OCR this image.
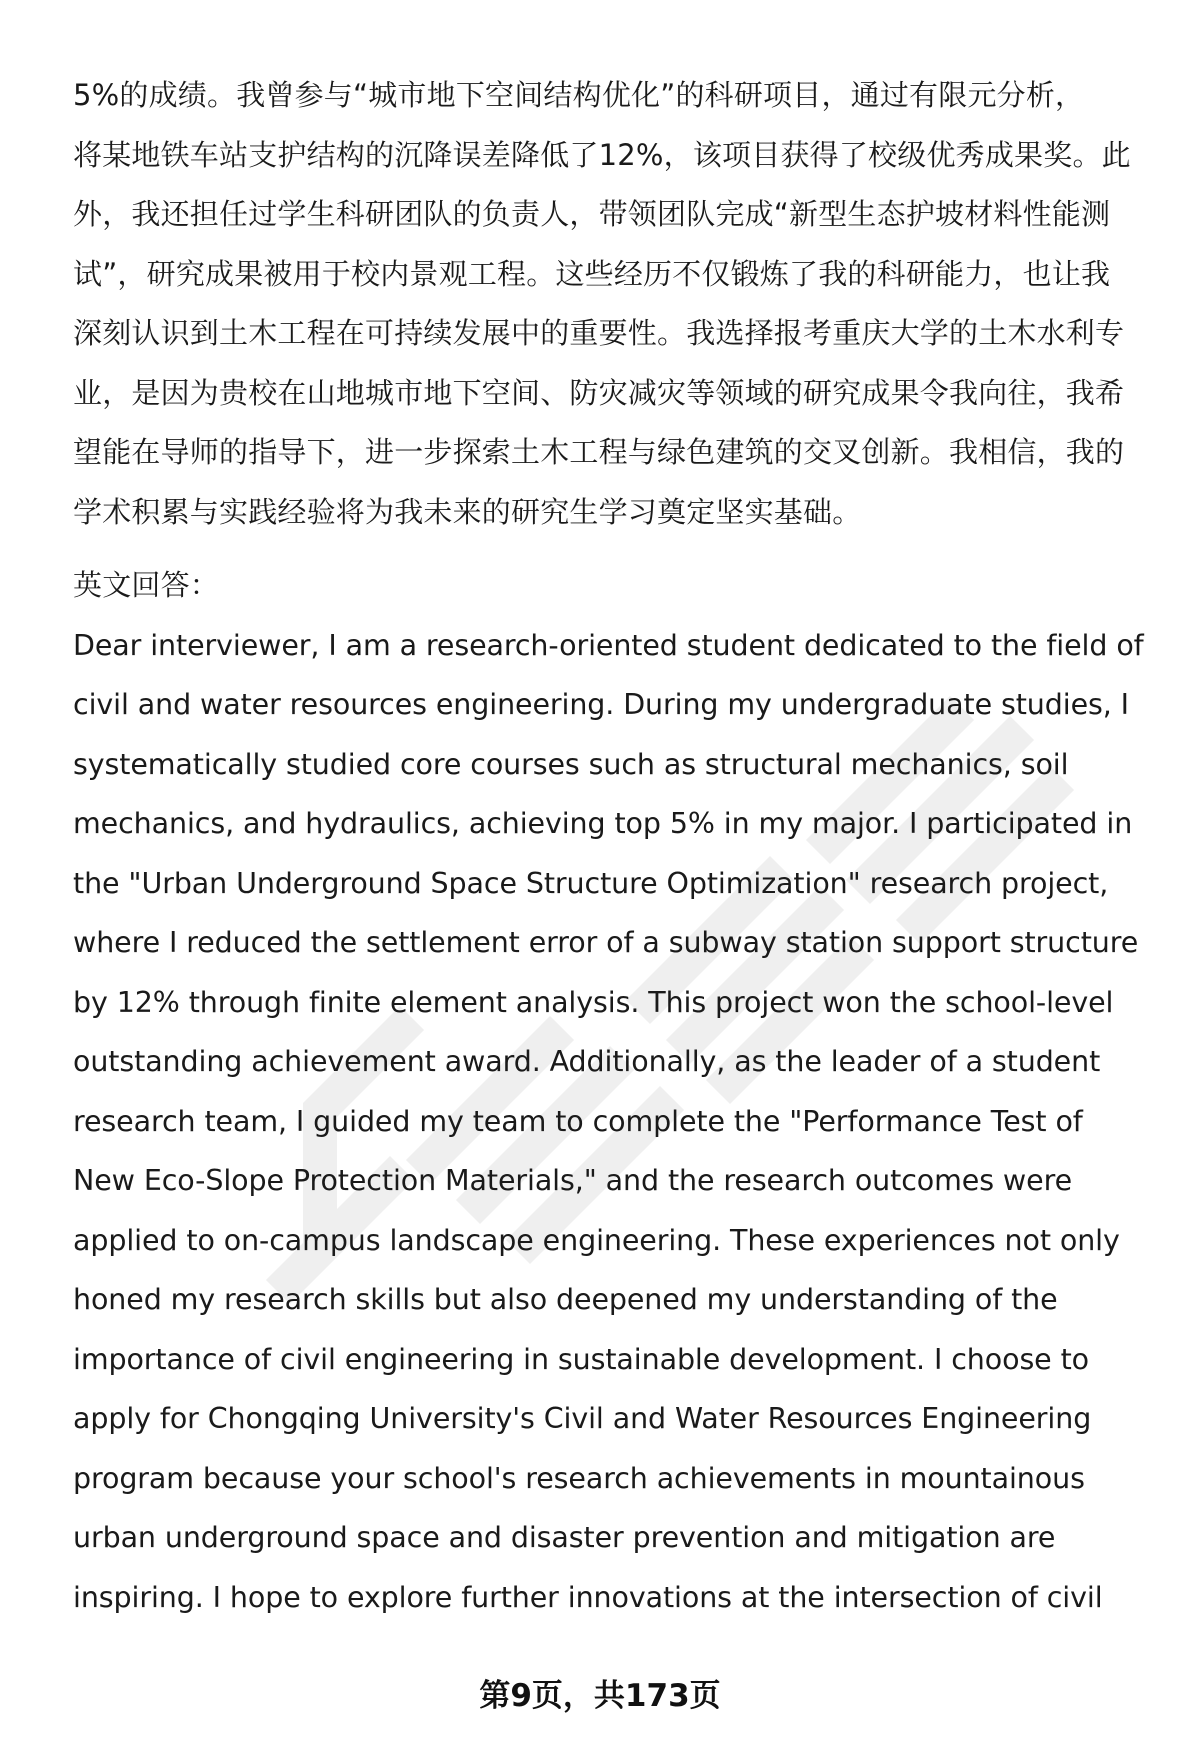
5%的成绩。我曾参与“城市地下空间结构优化”的科研项目，通过有限元分析，
将某地铁车站支护结构的沉降误差降低了12%，该项目获得了校级优秀成果奖。此
外，我还担任过学生科研团队的负责人，带领团队完成“新型生态护坡材料性能测
试”，研究成果被用于校内景观工程。这些经历不仅锻炼了我的科研能力，也让我
深刻认识到土木工程在可持续发展中的重要性。我选择报考重庆大学的土木水利专
业，是因为贵校在山地城市地下空间、防灾减灾等领域的研究成果令我向往，我希
望能在导师的指导下，进一步探索土木工程与绿色建筑的交叉创新。我相信，我的
学术积累与实践经验将为我未来的研究生学习奠定坚实基础。
英文回答：
Dear interviewer, I am a research-oriented student dedicated to the field of
civil and water resources engineering. During my undergraduate studies, I
systematically studied core courses such as structural mechanics, soil
mechanics, and hydraulics, achieving top 5% in my major. I participated in
the "Urban Underground Space Structure Optimization" research project,
where I reduced the settlement error of a subway station support structure
by 12% through finite element analysis. This project won the school-level
outstanding achievement award. Additionally, as the leader of a student
research team, I guided my team to complete the "Performance Test of
New Eco-Slope Protection Materials," and the research outcomes were
applied to on-campus landscape engineering. These experiences not only
honed my research skills but also deepened my understanding of the
importance of civil engineering in sustainable development. I choose to
apply for Chongqing University's Civil and Water Resources Engineering
program because your school's research achievements in mountainous
urban underground space and disaster prevention and mitigation are
inspiring. I hope to explore further innovations at the intersection of civil
第9页，共173页
